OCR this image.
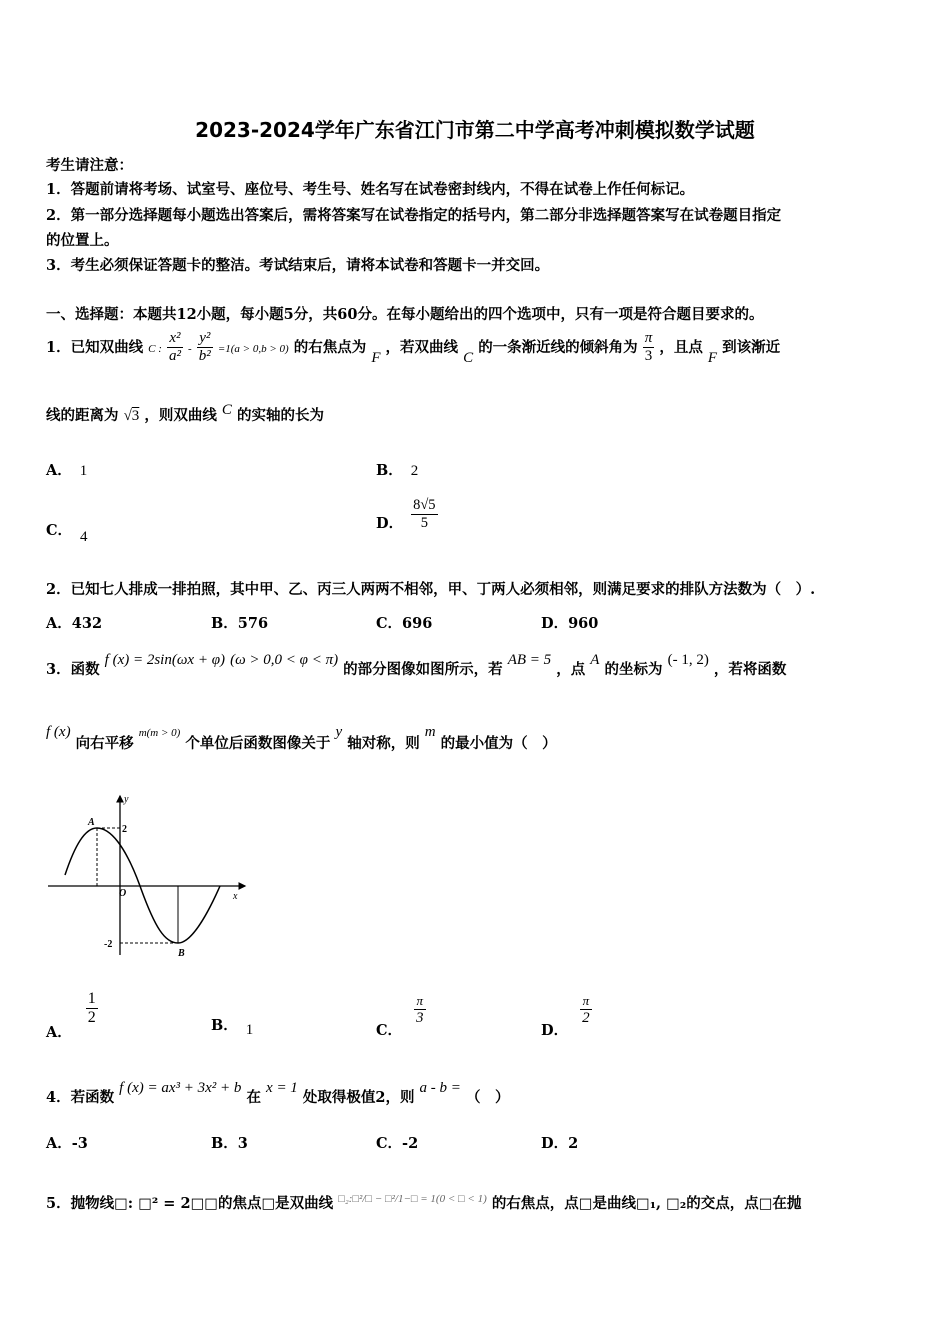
2023-2024学年广东省江门市第二中学高考冲刺模拟数学试题
考生请注意：
1．答题前请将考场、试室号、座位号、考生号、姓名写在试卷密封线内，不得在试卷上作任何标记。
2．第一部分选择题每小题选出答案后，需将答案写在试卷指定的括号内，第二部分非选择题答案写在试卷题目指定
的位置上。
3．考生必须保证答题卡的整洁。考试结束后，请将本试卷和答题卡一并交回。
一、选择题：本题共12小题，每小题5分，共60分。在每小题给出的四个选项中，只有一项是符合题目要求的。
1．已知双曲线 C : $\frac{\text{x²}}{\text{a²}} - \frac{\text{y²}}{\text{b²}} =1(a > 0,b > 0)$ 的右焦点为 F ，若双曲线 C 的一条渐近线的倾斜角为 $\frac{\pi}{3}$ ，且点 F 到该渐近
线的距离为 √3 ，则双曲线 C 的实轴的长为
A． 1	B． 2
C． 4
D． $\frac{8√5}{5}$
2．已知七人排成一排拍照，其中甲、乙、丙三人两两不相邻，甲、丁两人必须相邻，则满足要求的排队方法数为（　）.
A．432	B．576	C．696	D．960
3．函数 f (x) = 2sin(ωx + φ) (ω > 0,0 < φ < π) 的部分图像如图所示，若 AB = 5 ，点 A 的坐标为 (- 1, 2) ，若将函数
f (x) 向右平移 m(m > 0) 个单位后函数图像关于 y 轴对称，则 m 的最小值为（　）
A
B
O	x
y
2
-2
A．
$\frac{1}{2}$	B． 1	C．
$\frac{\pi}{3}$
D．
$\frac{\pi}{2}$
4．若函数 f (x) = ax³ + 3x² + b 在 x = 1 处取得极值2，则 a - b = （　）
A．-3	B．3	C．-2	D．2
5．抛物线□: □² = 2□□的焦点□是双曲线 □₂:□²/□ − □²/1−□ = 1(0 < □ < 1) 的右焦点，点□是曲线□₁, □₂的交点，点□在抛
